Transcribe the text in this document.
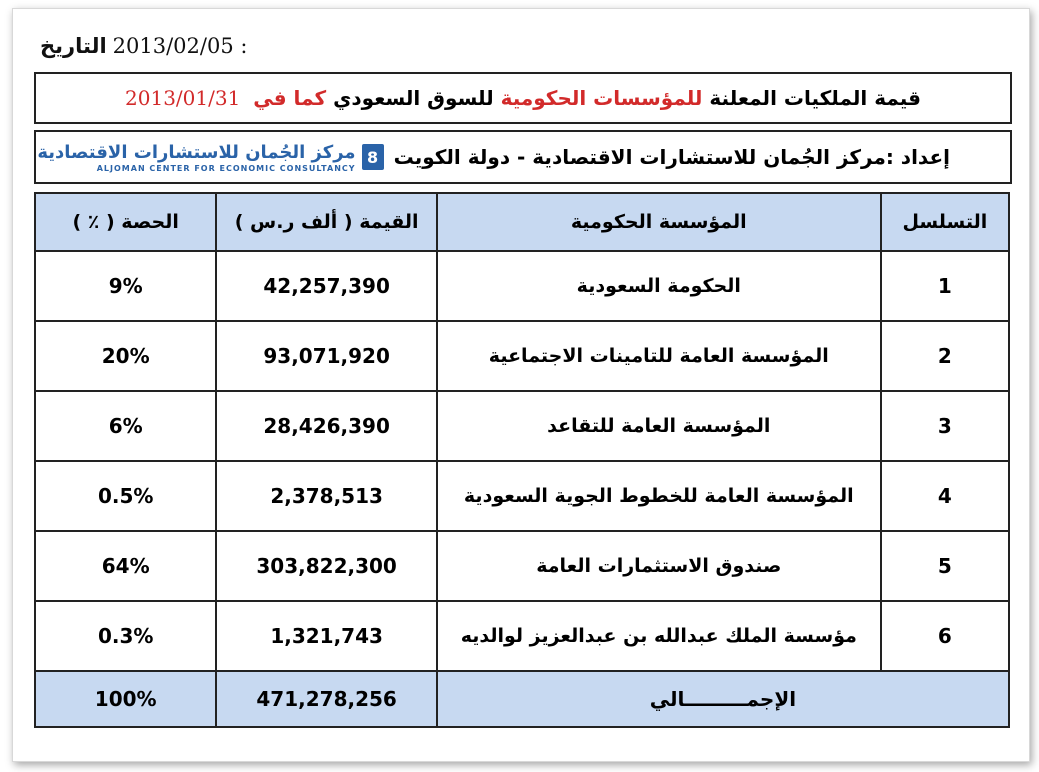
التاريخ 2013/02/05 :
قيمة الملكيات المعلنة

للمؤسسات الحكومية

للسوق السعودي

كما في

2013/01/31
إعداد :مركز الجُمان للاستشارات الاقتصادية - دولة الكويت
8
مركز الجُمان للاستشارات الاقتصادية
ALJOMAN CENTER FOR ECONOMIC CONSULTANCY
التسلسل	المؤسسة الحكومية	القيمة ( ألف ر.س )	الحصة ( ٪ )
1	الحكومة السعودية	42,257,390	9%
2	المؤسسة العامة للتامينات الاجتماعية	93,071,920	20%
3	المؤسسة العامة للتقاعد	28,426,390	6%
4	المؤسسة العامة للخطوط الجوية السعودية	2,378,513	0.5%
5	صندوق الاستثمارات العامة	303,822,300	64%
6	مؤسسة الملك عبدالله بن عبدالعزيز لوالديه	1,321,743	0.3%
الإجمـــــــــالي		471,278,256	100%
